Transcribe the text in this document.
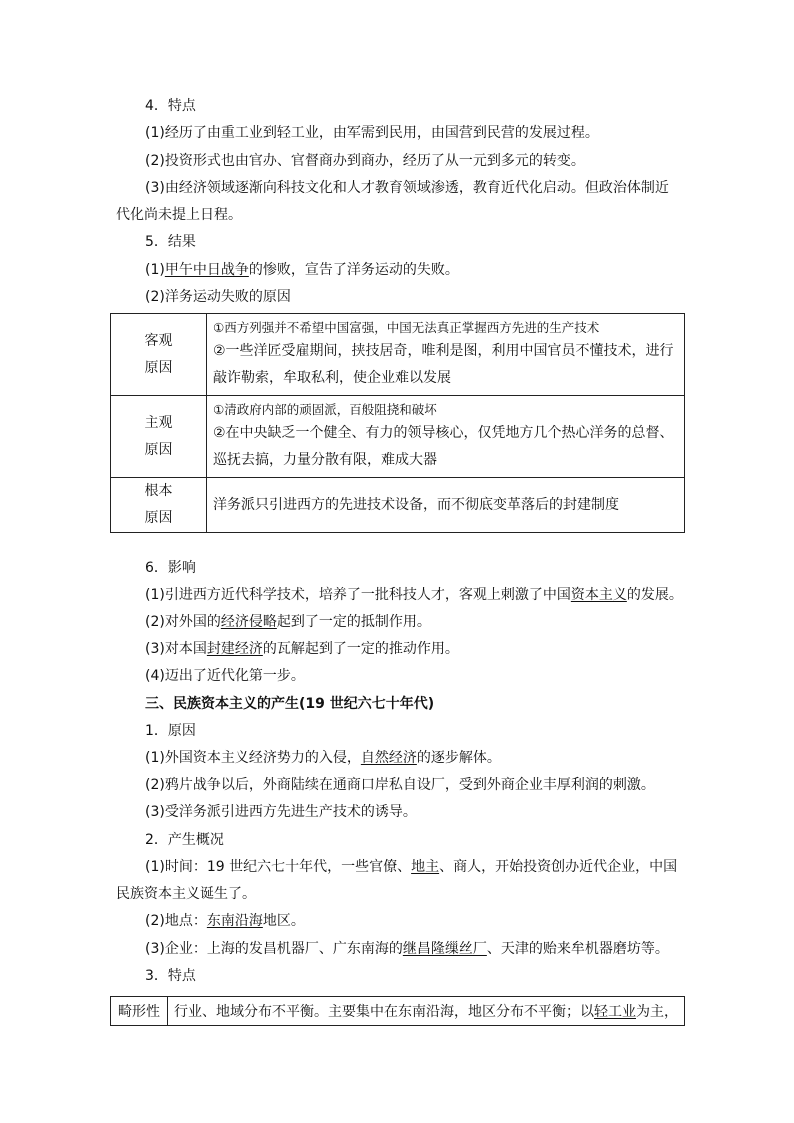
4．特点
(1)经历了由重工业到轻工业，由军需到民用，由国营到民营的发展过程。
(2)投资形式也由官办、官督商办到商办，经历了从一元到多元的转变。
(3)由经济领域逐渐向科技文化和人才教育领域渗透，教育近代化启动。但政治体制近
代化尚未提上日程。
5．结果
(1)甲午中日战争的惨败，宣告了洋务运动的失败。
(2)洋务运动失败的原因
客观
原因	①西方列强并不希望中国富强，中国无法真正掌握西方先进的生产技术
②一些洋匠受雇期间，挟技居奇，唯利是图，利用中国官员不懂技术，进行
敲诈勒索，牟取私利，使企业难以发展
主观
原因	①清政府内部的顽固派，百般阻挠和破坏
②在中央缺乏一个健全、有力的领导核心，仅凭地方几个热心洋务的总督、
巡抚去搞，力量分散有限，难成大器
根本
原因	洋务派只引进西方的先进技术设备，而不彻底变革落后的封建制度
6．影响
(1)引进西方近代科学技术，培养了一批科技人才，客观上刺激了中国资本主义的发展。
(2)对外国的经济侵略起到了一定的抵制作用。
(3)对本国封建经济的瓦解起到了一定的推动作用。
(4)迈出了近代化第一步。
三、民族资本主义的产生(19 世纪六七十年代)
1．原因
(1)外国资本主义经济势力的入侵，自然经济的逐步解体。
(2)鸦片战争以后，外商陆续在通商口岸私自设厂，受到外商企业丰厚利润的刺激。
(3)受洋务派引进西方先进生产技术的诱导。
2．产生概况
(1)时间：19 世纪六七十年代，一些官僚、地主、商人，开始投资创办近代企业，中国
民族资本主义诞生了。
(2)地点：东南沿海地区。
(3)企业：上海的发昌机器厂、广东南海的继昌隆缫丝厂、天津的贻来牟机器磨坊等。
3．特点
畸形性	行业、地域分布不平衡。主要集中在东南沿海，地区分布不平衡；以轻工业为主，
